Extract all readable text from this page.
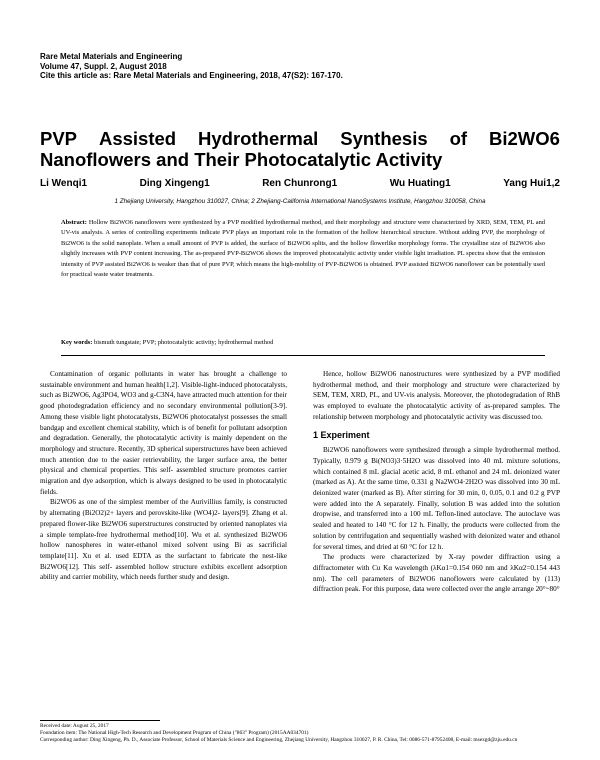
Rare Metal Materials and Engineering
Volume 47, Suppl. 2, August 2018
Cite this article as: Rare Metal Materials and Engineering, 2018, 47(S2): 167-170.
PVP Assisted Hydrothermal Synthesis of Bi2WO6
Nanoflowers and Their Photocatalytic Activity
Li Wenqi1	Ding Xingeng1	Ren Chunrong1	Wu Huating1	Yang Hui1,2
1 Zhejiang University, Hangzhou 310027, China; 2 Zhejiang-California International NanoSystems Institute, Hangzhou 310058, China
Abstract: Hollow Bi2WO6 nanoflowers were synthesized by a PVP modified hydrothermal method, and their morphology and structure were characterized by XRD, SEM, TEM, PL and UV-vis analysis. A series of controlling experiments indicate PVP plays an important role in the formation of the hollow hierarchical structure. Without adding PVP, the morphology of Bi2WO6 is the solid nanoplate. When a small amount of PVP is added, the surface of Bi2WO6 splits, and the hollow flowerlike morphology forms. The crystalline size of Bi2WO6 also slightly increases with PVP content increasing. The as-prepared PVP-Bi2WO6 shows the improved photocatalytic activity under visible light irradiation. PL spectra show that the emission intensity of PVP assisted Bi2WO6 is weaker than that of pure PVP, which means the high-mobility of PVP-Bi2WO6 is obtained. PVP assisted Bi2WO6 nanoflower can be potentially used for practical waste water treatments.
Key words: bismuth tungstate; PVP; photocatalytic activity; hydrothermal method

Contamination of organic pollutants in water has brought a challenge to sustainable environment and human health[1,2]. Visible-light-induced photocatalysts, such as Bi2WO6, Ag3PO4, WO3 and g-C3N4, have attracted much attention for their good photodegradation efficiency and no secondary environmental pollution[3-9]. Among these visible light photocatalysts, Bi2WO6 photocatalyst possesses the small bandgap and excellent chemical stability, which is of benefit for pollutant adsorption and degradation. Generally, the photocatalytic activity is mainly dependent on the morphology and structure. Recently, 3D spherical superstructures have been achieved much attention due to the easier retrievability, the larger surface area, the better physical and chemical properties. This self- assembled structure promotes carrier migration and dye adsorption, which is always designed to be used in photocatalytic fields.

Bi2WO6 as one of the simplest member of the Aurivillius family, is constructed by alternating (Bi2O2)2+ layers and perovskite-like (WO4)2- layers[9]. Zhang et al. prepared flower-like Bi2WO6 superstructures constructed by oriented nanoplates via a simple template-free hydrothermal method[10]. Wu et al. synthesized Bi2WO6 hollow nanospheres in water-ethanol mixed solvent using Bi as sacrificial template[11]. Xu et al. used EDTA as the surfactant to fabricate the nest-like Bi2WO6[12]. This self- assembled hollow structure exhibits excellent adsorption ability and carrier mobility, which needs further study and design.

Hence, hollow Bi2WO6 nanostructures were synthesized by a PVP modified hydrothermal method, and their morphology and structure were characterized by SEM, TEM, XRD, PL, and UV-vis analysis. Moreover, the photodegradation of RhB was employed to evaluate the photocatalytic activity of as-prepared samples. The relationship between morphology and photocatalytic activity was discussed too.

1 Experiment

Bi2WO6 nanoflowers were synthesized through a simple hydrothermal method. Typically, 0.979 g Bi(NO3)3·5H2O was dissolved into 40 mL mixture solutions, which contained 8 mL glacial acetic acid, 8 mL ethanol and 24 mL deionized water (marked as A). At the same time, 0.331 g Na2WO4·2H2O was dissolved into 30 mL deionized water (marked as B). After stirring for 30 min, 0, 0.05, 0.1 and 0.2 g PVP were added into the A separately. Finally, solution B was added into the solution dropwise, and transferred into a 100 mL Teflon-lined autoclave. The autoclave was sealed and heated to 140 °C for 12 h. Finally, the products were collected from the solution by centrifugation and sequentially washed with deionized water and ethanol for several times, and dried at 60 °C for 12 h.

The products were characterized by X-ray powder diffraction using a diffractometer with Cu Kα wavelength (λKα1=0.154 060 nm and λKα2=0.154 443 nm). The cell parameters of Bi2WO6 nanoflowers were calculated by (113) diffraction peak. For this purpose, data were collected over the angle arrange 20°~80°

Received date: August 25, 2017
Foundation item: The National High-Tech Research and Development Program of China ("863" Program) (2015AA034701)
Corresponding author: Ding Xingeng, Ph. D., Associate Professor, School of Materials Science and Engineering, Zhejiang University, Hangzhou 310027, P. R. China, Tel: 0086-571-87952408, E-mail: msexgd@zju.edu.cn
